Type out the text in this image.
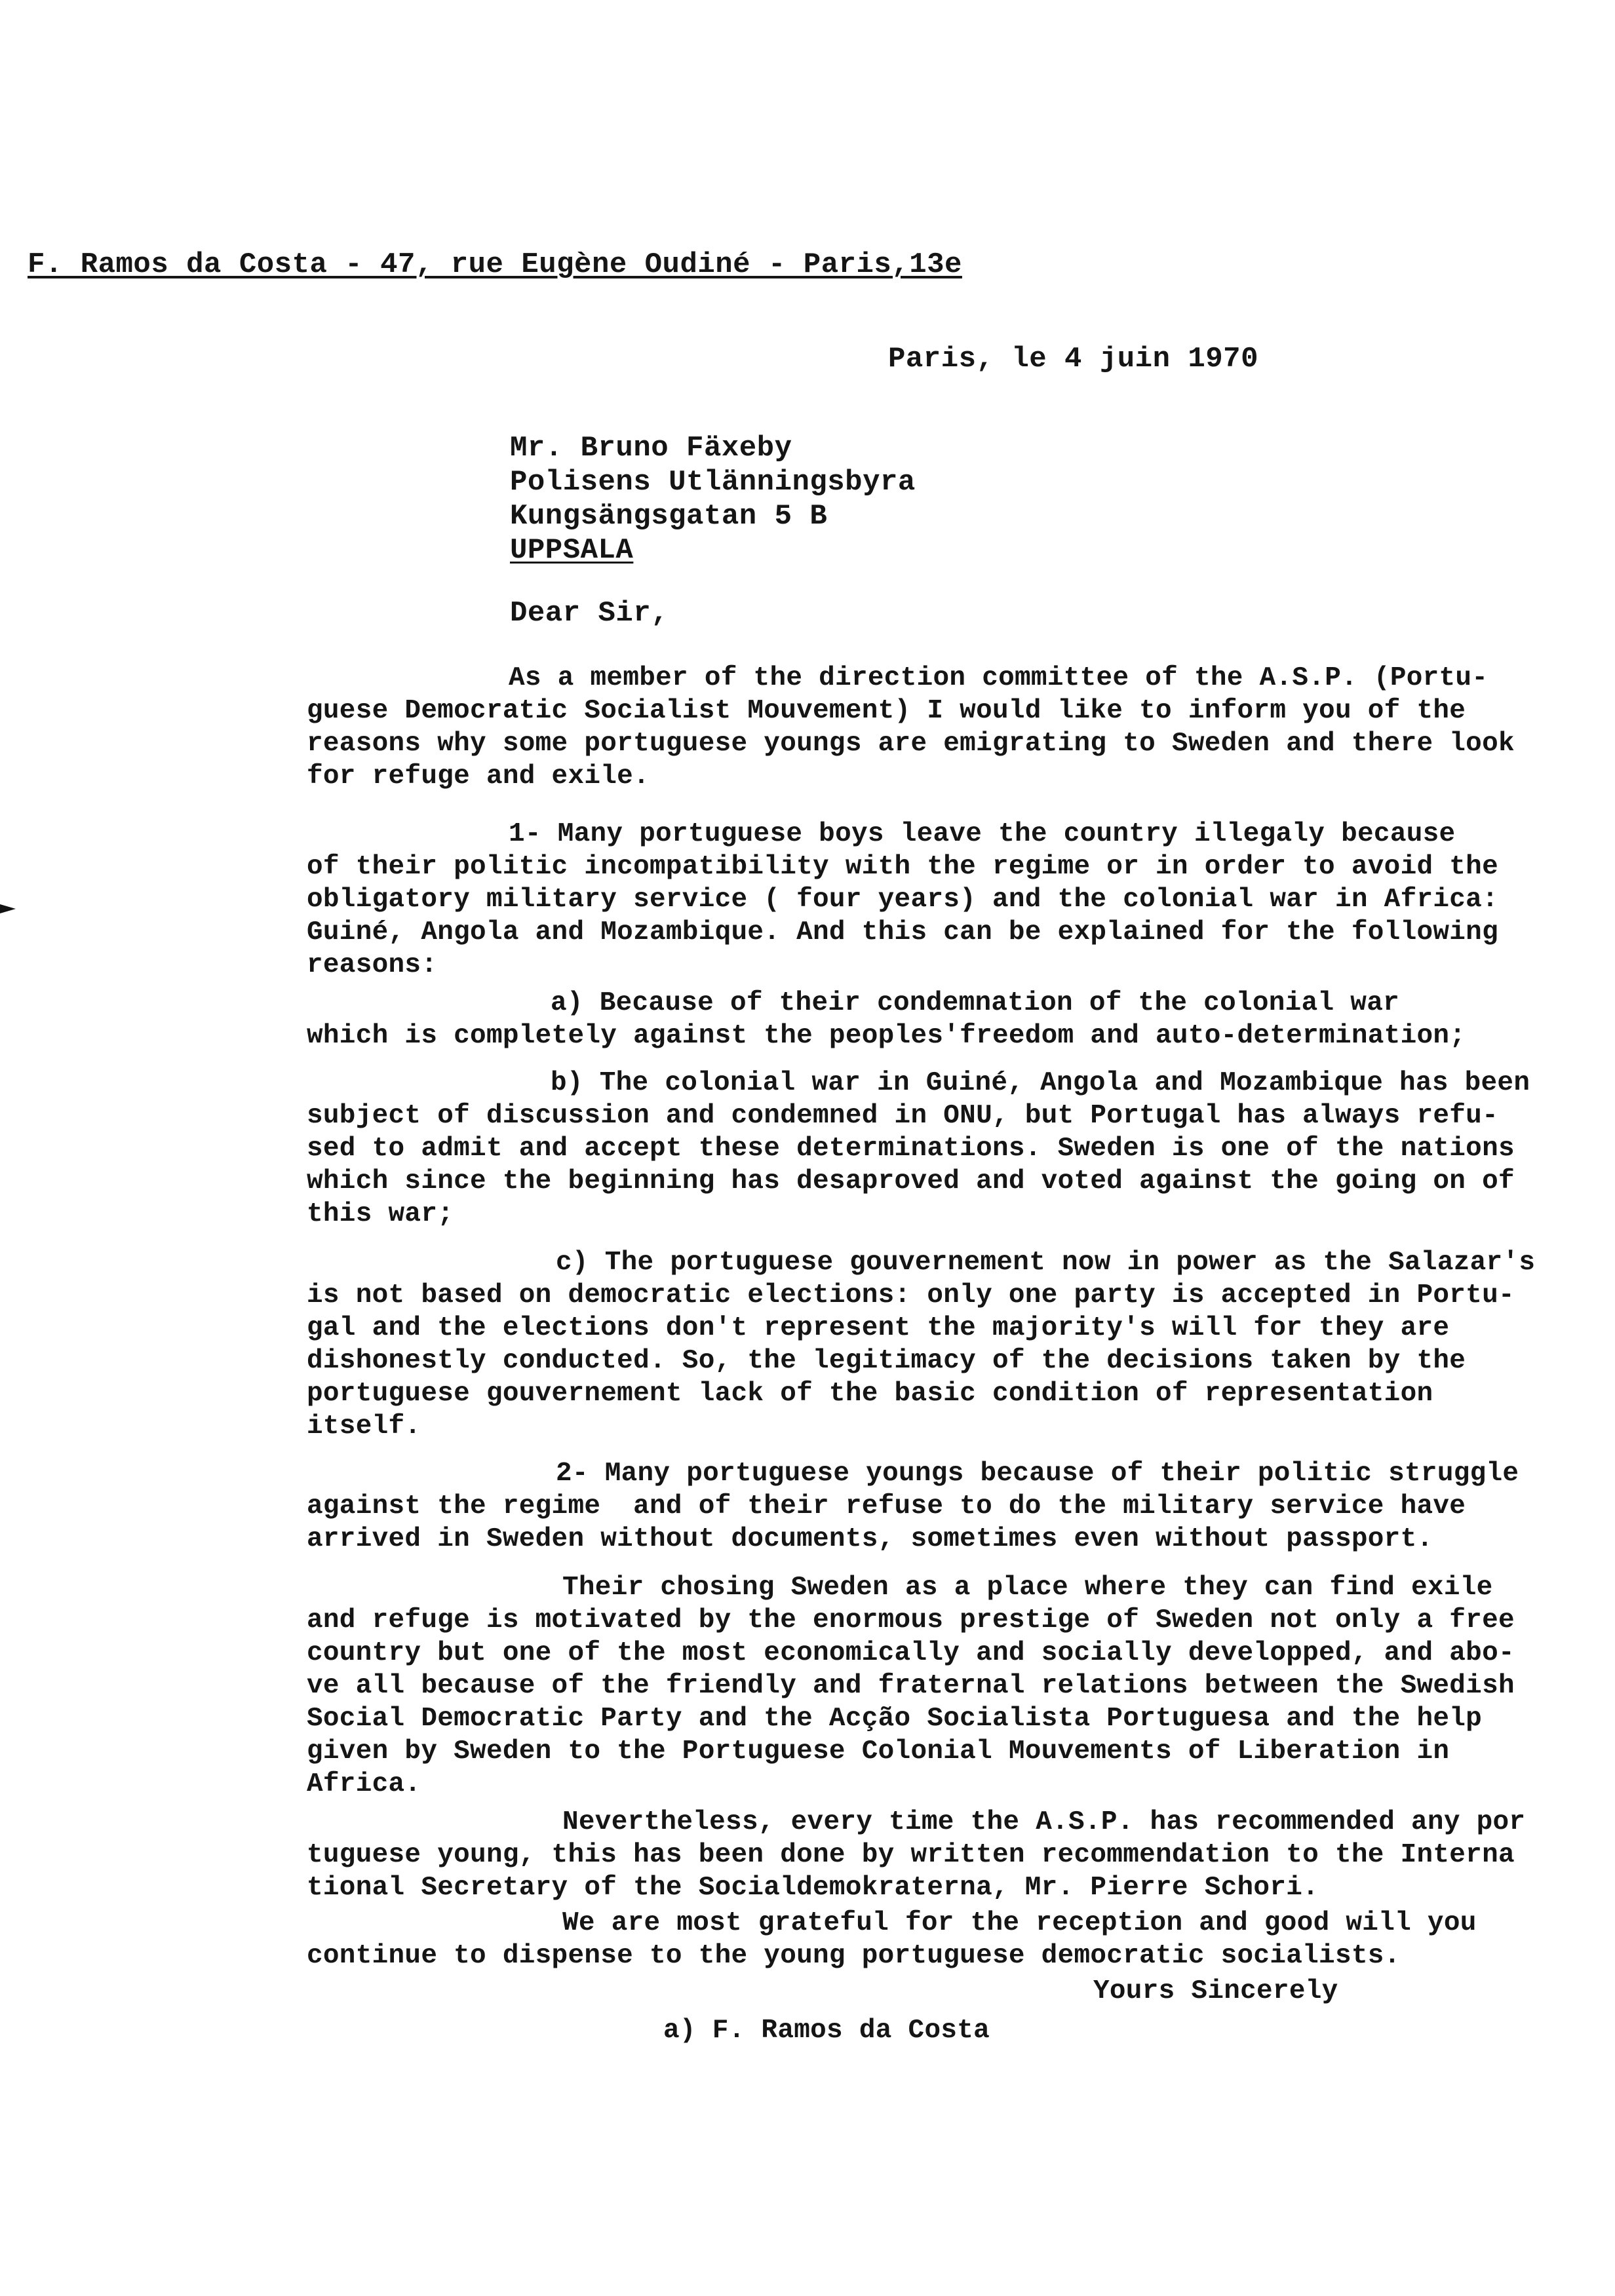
F. Ramos da Costa - 47, rue Eugène Oudiné - Paris,13e
Paris, le 4 juin 1970
Mr. Bruno Fäxeby
Polisens Utlänningsbyra
Kungsängsgatan 5 B
UPPSALA
Dear Sir,
As a member of the direction committee of the A.S.P. (Portu-
guese Democratic Socialist Mouvement) I would like to inform you of the
reasons why some portuguese youngs are emigrating to Sweden and there look
for refuge and exile.
1- Many portuguese boys leave the country illegaly because
of their politic incompatibility with the regime or in order to avoid the
obligatory military service ( four years) and the colonial war in Africa:
Guiné, Angola and Mozambique. And this can be explained for the following
reasons:
a) Because of their condemnation of the colonial war
which is completely against the peoples'freedom and auto-determination;
b) The colonial war in Guiné, Angola and Mozambique has been
subject of discussion and condemned in ONU, but Portugal has always refu-
sed to admit and accept these determinations. Sweden is one of the nations
which since the beginning has desaproved and voted against the going on of
this war;
c) The portuguese gouvernement now in power as the Salazar's
is not based on democratic elections: only one party is accepted in Portu-
gal and the elections don't represent the majority's will for they are
dishonestly conducted. So, the legitimacy of the decisions taken by the
portuguese gouvernement lack of the basic condition of representation
itself.
2- Many portuguese youngs because of their politic struggle
against the regime  and of their refuse to do the military service have
arrived in Sweden without documents, sometimes even without passport.
Their chosing Sweden as a place where they can find exile
and refuge is motivated by the enormous prestige of Sweden not only a free
country but one of the most economically and socially developped, and abo-
ve all because of the friendly and fraternal relations between the Swedish
Social Democratic Party and the Acção Socialista Portuguesa and the help
given by Sweden to the Portuguese Colonial Mouvements of Liberation in
Africa.
Nevertheless, every time the A.S.P. has recommended any por
tuguese young, this has been done by written recommendation to the Interna
tional Secretary of the Socialdemokraterna, Mr. Pierre Schori.
We are most grateful for the reception and good will you
continue to dispense to the young portuguese democratic socialists.
Yours Sincerely
a) F. Ramos da Costa
